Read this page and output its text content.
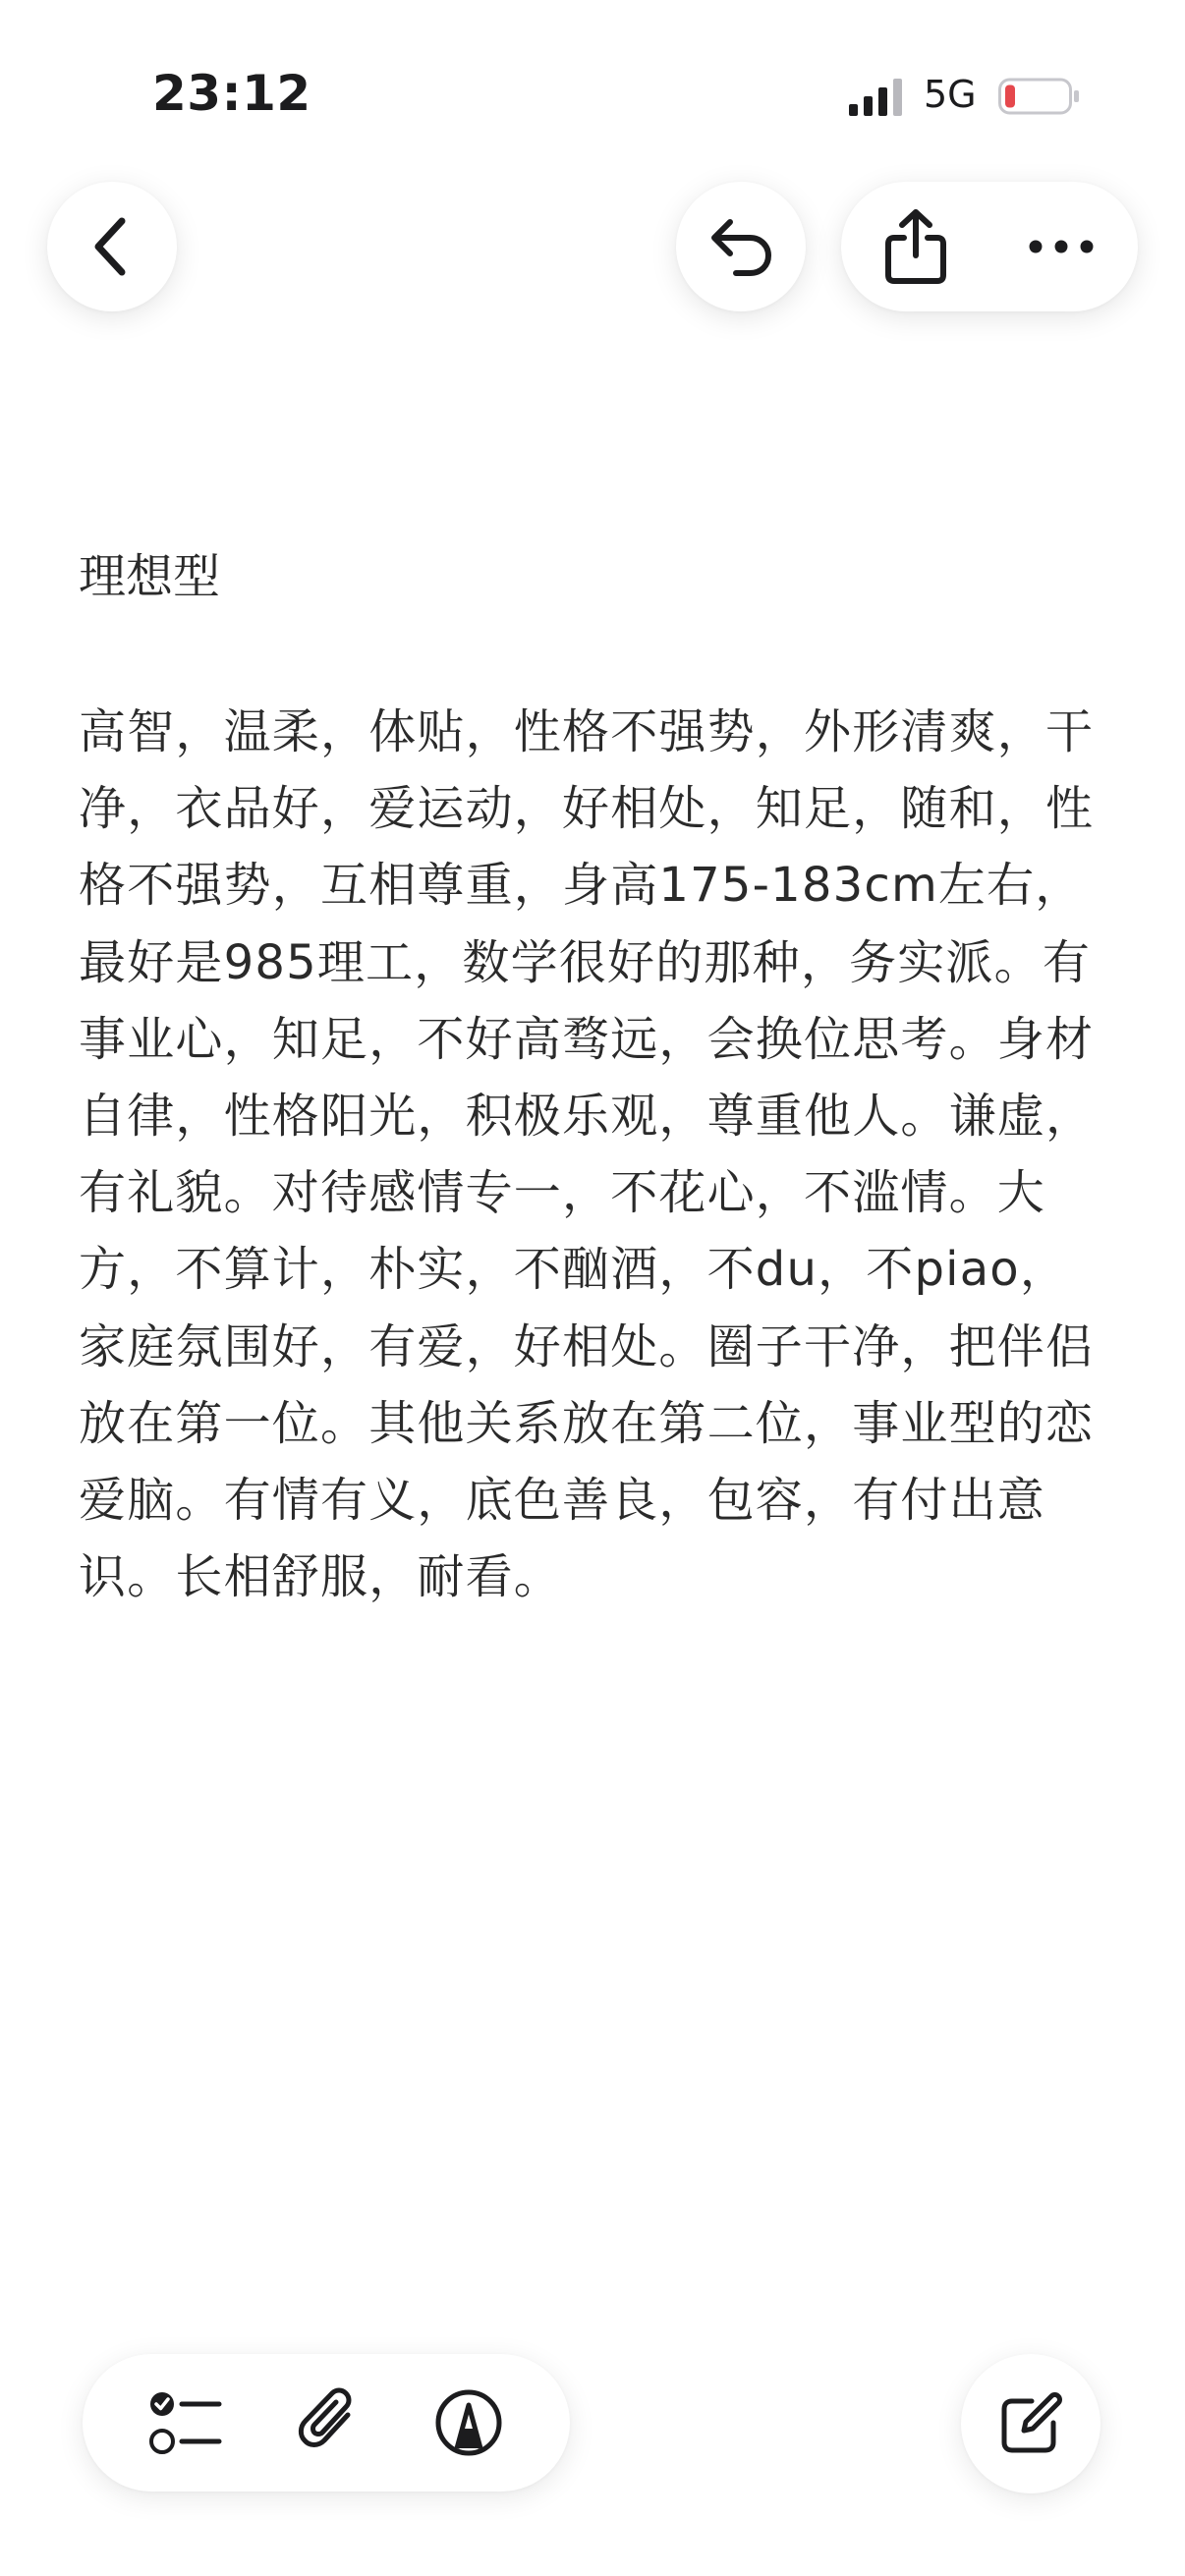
23:12	5G
理想型
高智，温柔，体贴，性格不强势，外形清爽，干净，衣品好，爱运动，好相处，知足，随和，性格不强势，互相尊重，身高175-183cm左右，最好是985理工，数学很好的那种，务实派。有事业心，知足，不好高骛远，会换位思考。身材自律，性格阳光，积极乐观，尊重他人。谦虚，有礼貌。对待感情专一，不花心，不滥情。大方，不算计，朴实，不酗酒，不du，不piao，家庭氛围好，有爱，好相处。圈子干净，把伴侣放在第一位。其他关系放在第二位，事业型的恋爱脑。有情有义，底色善良，包容，有付出意识。长相舒服，耐看。
